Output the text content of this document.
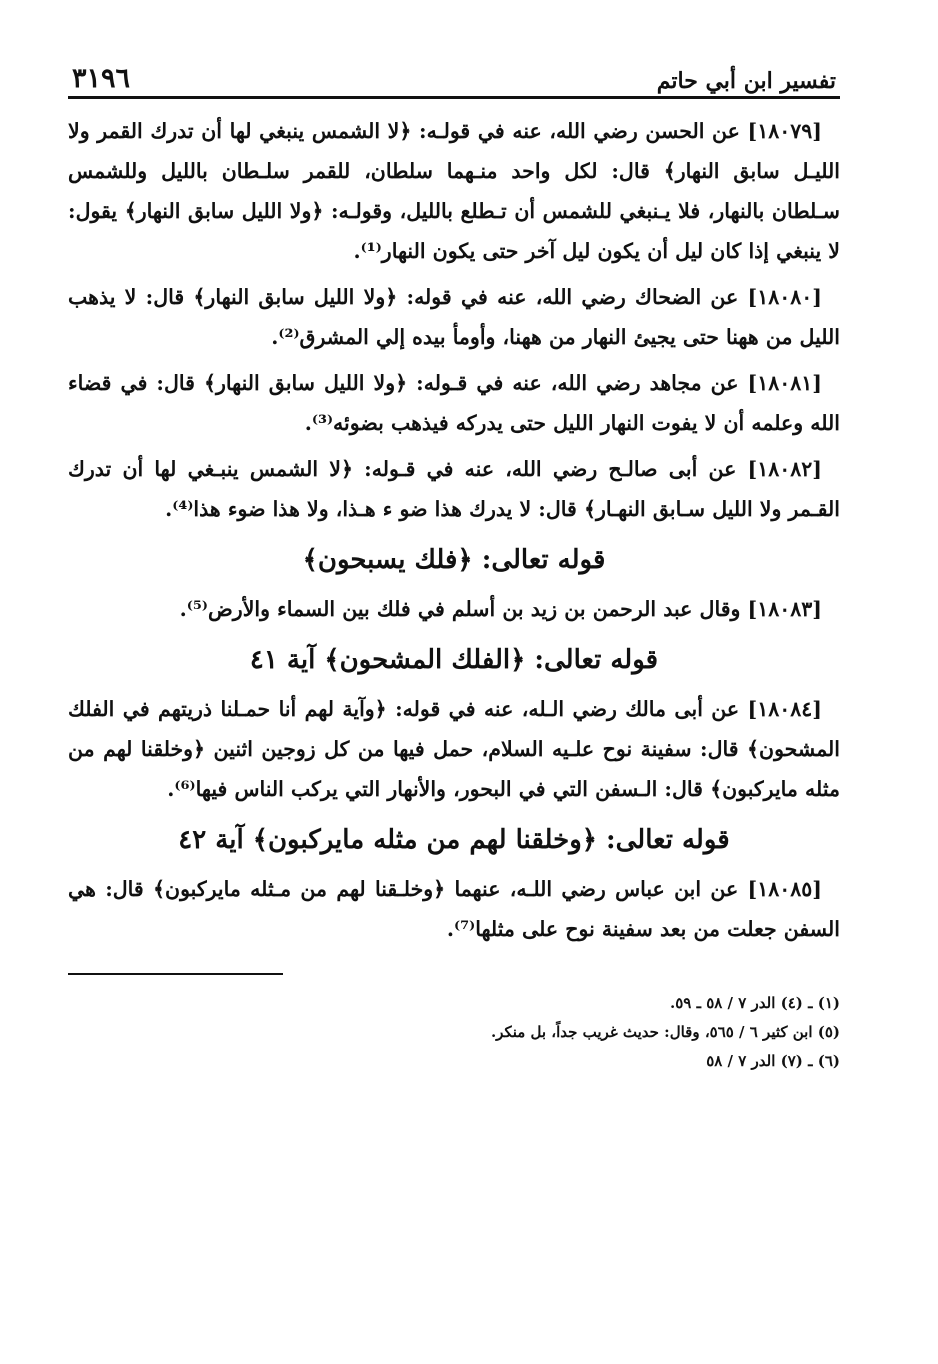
تفسير ابن أبي حاتم
٣١٩٦

[١٨٠٧٩] عن الحسن رضي الله، عنه في قولـه: ﴿لا الشمس ينبغي لها أن تدرك القمر ولا الليـل سابق النهار﴾ قال: لكل واحد منـهما سلطان، للقمر سلـطان بالليل وللشمس سـلطان بالنهار، فلا يـنبغي للشمس أن تـطلع بالليل، وقولـه: ﴿ولا الليل سابق النهار﴾ يقول: لا ينبغي إذا كان ليل أن يكون ليل آخر حتى يكون النهار⁽¹⁾.

[١٨٠٨٠] عن الضحاك رضي الله، عنه في قوله: ﴿ولا الليل سابق النهار﴾ قال: لا يذهب الليل من ههنا حتى يجيئ النهار من ههنا، وأومأ بيده إلي المشرق⁽²⁾.

[١٨٠٨١] عن مجاهد رضي الله، عنه في قـوله: ﴿ولا الليل سابق النهار﴾ قال: في قضاء الله وعلمه أن لا يفوت النهار الليل حتى يدركه فيذهب بضوئه⁽³⁾.

[١٨٠٨٢] عن أبى صالـح رضي الله، عنه في قـوله: ﴿لا الشمس ينبـغي لها أن تدرك القـمر ولا الليل سـابق النهـار﴾ قال: لا يدرك هذا ضو ء هـذا، ولا هذا ضوء هذا⁽⁴⁾.

قوله تعالى: ﴿فلك يسبحون﴾

[١٨٠٨٣] وقال عبد الرحمن بن زيد بن أسلم في فلك بين السماء والأرض⁽⁵⁾.

قوله تعالى: ﴿الفلك المشحون﴾ آية ٤١

[١٨٠٨٤] عن أبى مالك رضي الـله، عنه في قوله: ﴿وآية لهم أنا حمـلنا ذريتهم في الفلك المشحون﴾ قال: سفينة نوح علـيه السلام، حمل فيها من كل زوجين اثنين ﴿وخلقنا لهم من مثله مايركبون﴾ قال: الـسفن التي في البحور، والأنهار التي يركب الناس فيها⁽⁶⁾.

قوله تعالى: ﴿وخلقنا لهم من مثله مايركبون﴾ آية ٤٢

[١٨٠٨٥] عن ابن عباس رضي اللـه، عنهما ﴿وخلـقنا لهم من مـثله مايركبون﴾ قال: هي السفن جعلت من بعد سفينة نوح على مثلها⁽⁷⁾.

(١) ـ (٤) الدر ٧ / ٥٨ ـ ٥٩.

(٥) ابن كثير ٦ / ٥٦٥، وقال: حديث غريب جداً، بل منكر.

(٦) ـ (٧) الدر ٧ / ٥٨
